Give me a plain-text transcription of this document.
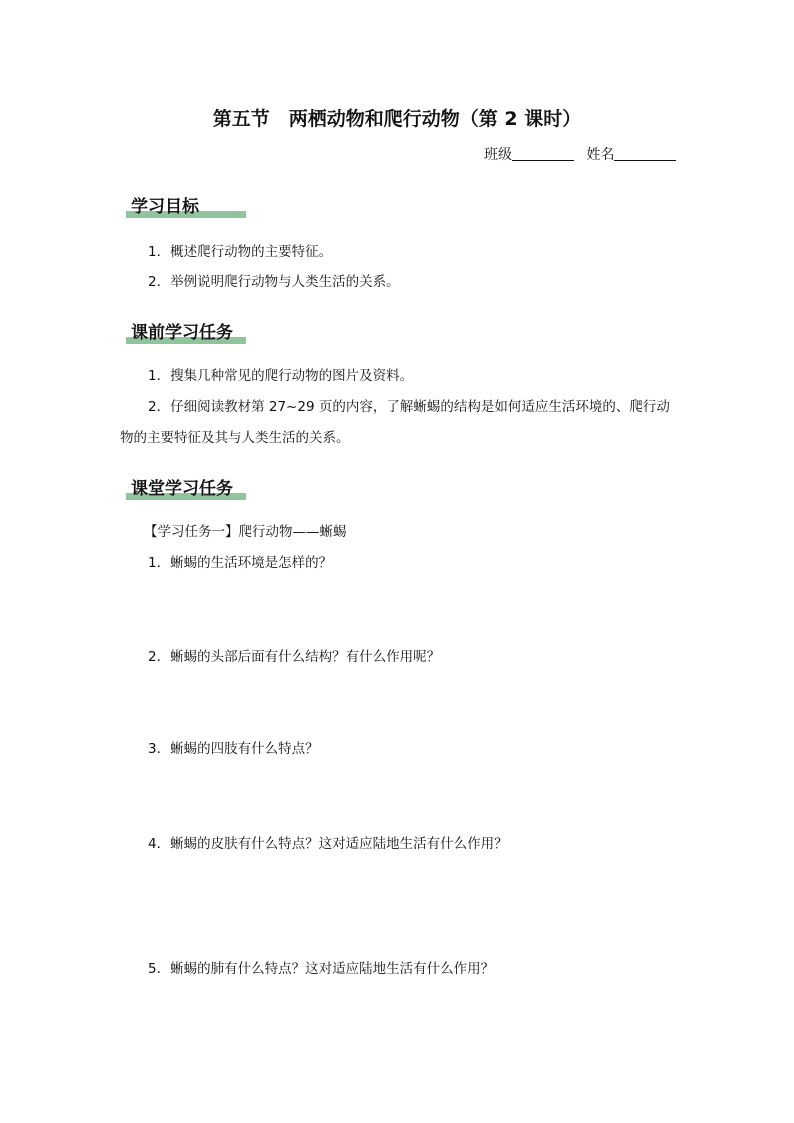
第五节　两栖动物和爬行动物（第 2 课时）
班级	姓名
学习目标
1．概述爬行动物的主要特征。
2．举例说明爬行动物与人类生活的关系。
课前学习任务
1．搜集几种常见的爬行动物的图片及资料。
2．仔细阅读教材第 27~29 页的内容，了解蜥蜴的结构是如何适应生活环境的、爬行动
物的主要特征及其与人类生活的关系。
课堂学习任务
【学习任务一】爬行动物——蜥蜴
1．蜥蜴的生活环境是怎样的？
2．蜥蜴的头部后面有什么结构？有什么作用呢？
3．蜥蜴的四肢有什么特点？
4．蜥蜴的皮肤有什么特点？这对适应陆地生活有什么作用？
5．蜥蜴的肺有什么特点？这对适应陆地生活有什么作用？
